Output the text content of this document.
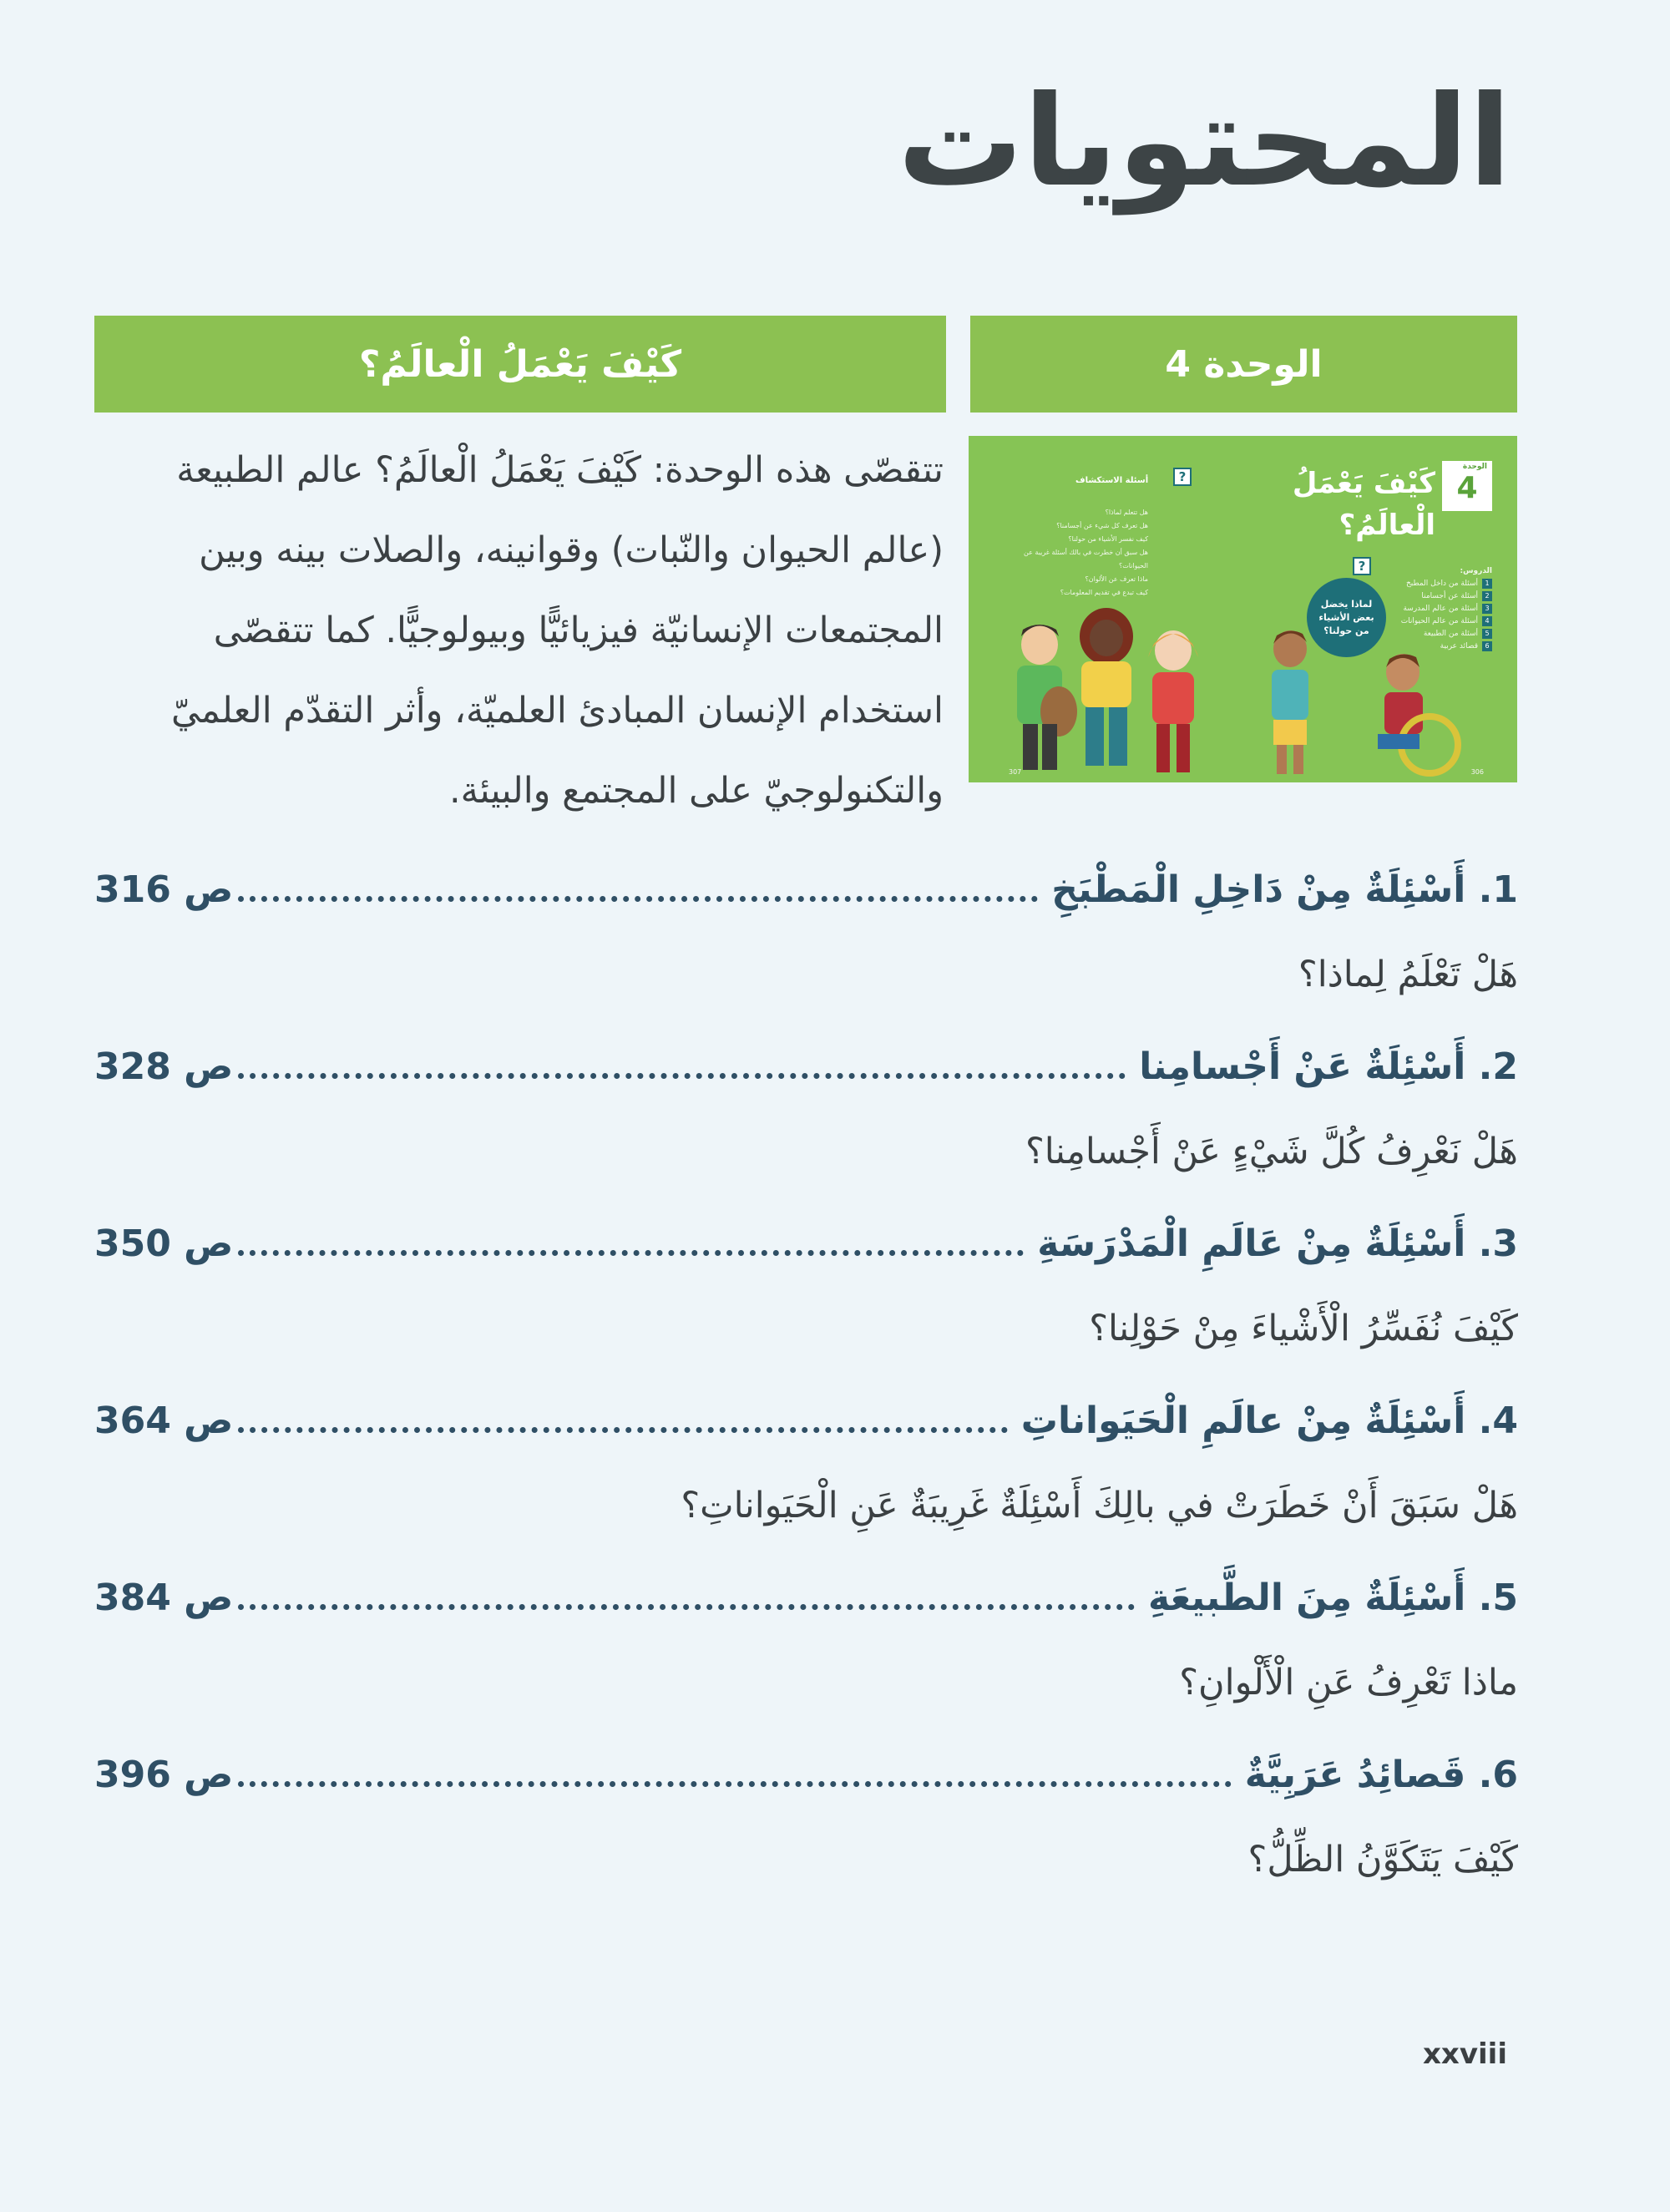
المحتويات
الوحدة 4
كَيْفَ يَعْمَلُ الْعالَمُ؟

تتقصّى هذه الوحدة: كَيْفَ يَعْمَلُ الْعالَمُ؟ عالم الطبيعة (عالم الحيوان والنّبات) وقوانينه، والصلات بينه وبين المجتمعات الإنسانيّة فيزيائيًّا وبيولوجيًّا. كما تتقصّى استخدام الإنسان المبادئ العلميّة، وأثر التقدّم العلميّ والتكنولوجيّ على المجتمع والبيئة.

الوحدة
4
كَيْفَ يَعْمَلُ الْعالَمُ؟
?
أسئلة الاستكشاف
هل تتعلم لماذا؟
هل تعرف كل شيء عن أجسامنا؟
كيف نفسر الأشياء من حولنا؟
هل سبق أن خطرت في بالك أسئلة غريبة عن الحيوانات؟
ماذا تعرف عن الألوان؟
كيف تبدع في تقديم المعلومات؟
?
لماذا يخضل بعض الأشياء من حولنا؟
الدروس:
1أسئلة من داخل المطبخ
2أسئلة عن أجسامنا
3أسئلة من عالم المدرسة
4أسئلة من عالم الحيوانات
5أسئلة من الطبيعة
6قصائد عربية
307	306
1. أَسْئِلَةٌ مِنْ دَاخِلِ الْمَطْبَخِ
ص 316
هَلْ تَعْلَمُ لِماذا؟
2. أَسْئِلَةٌ عَنْ أَجْسامِنا
ص 328
هَلْ نَعْرِفُ كُلَّ شَيْءٍ عَنْ أَجْسامِنا؟
3. أَسْئِلَةٌ مِنْ عَالَمِ الْمَدْرَسَةِ
ص 350
كَيْفَ نُفَسِّرُ الْأَشْياءَ مِنْ حَوْلِنا؟
4. أَسْئِلَةٌ مِنْ عالَمِ الْحَيَواناتِ
ص 364
هَلْ سَبَقَ أَنْ خَطَرَتْ في بالِكَ أَسْئِلَةٌ غَرِيبَةٌ عَنِ الْحَيَواناتِ؟
5. أَسْئِلَةٌ مِنَ الطَّبيعَةِ
ص 384
ماذا تَعْرِفُ عَنِ الْأَلْوانِ؟
6. قَصائِدُ عَرَبِيَّةٌ
ص 396
كَيْفَ يَتَكَوَّنُ الظِّلُّ؟
xxviii
